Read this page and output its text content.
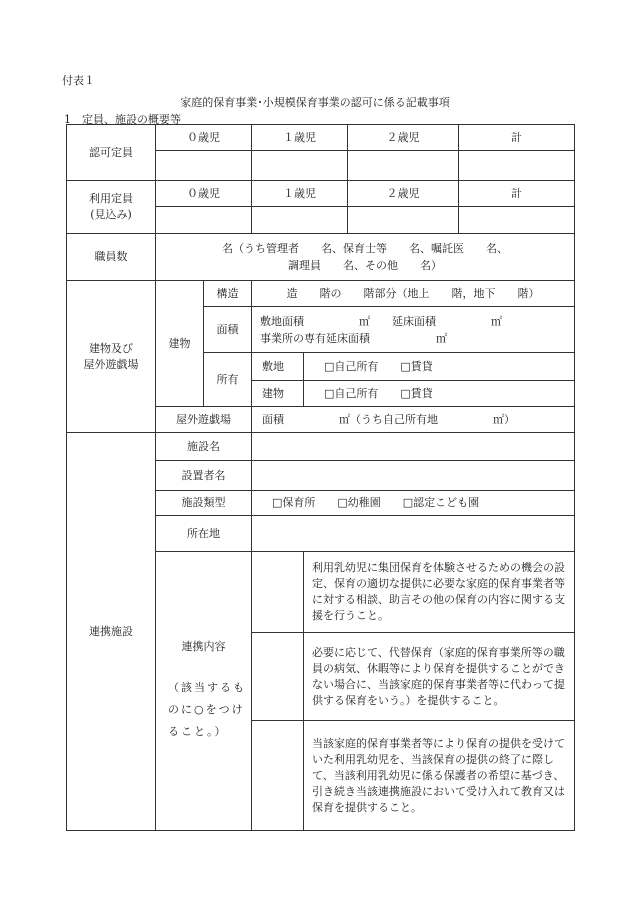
付表１
家庭的保育事業･小規模保育事業の認可に係る記載事項
1　定員、施設の概要等
認可定員	０歳児		１歳児		２歳児	計

利用定員
(見込み)	０歳児		１歳児		２歳児	計

職員数	名（うち管理者　　名、保育士等　　名、嘱託医　　名、
調理員　　名、その他　　名）					

建物及び
屋外遊戯場	建物	構造	造　　階の　　階部分（地上　　階，地下　　階）			
		面積	敷地面積　　　　　㎡　　延床面積　　　　　㎡
事業所の専有延床面積　　　　　　㎡			

		所有	敷地	□自己所有　　□賃貸		
			建物	□自己所有　　□賃貸		
	屋外遊戯場		面積　　　　　㎡（うち自己所有地　　　　　㎡）			
連携施設	施設名					
	設置者名					
	施設類型		□保育所　　□幼稚園　　□認定こども園			
	所在地					

	連携内容
（該当するものに○をつけること。）			利用乳幼児に集団保育を体験させるための機会の設定、保育の適切な提供に必要な家庭的保育事業者等に対する相談、助言その他の保育の内容に関する支援を行うこと。		
				必要に応じて、代替保育（家庭的保育事業所等の職員の病気、休暇等により保育を提供することができない場合に、当該家庭的保育事業者等に代わって提供する保育をいう。）を提供すること。		
				当該家庭的保育事業者等により保育の提供を受けていた利用乳幼児を、当該保育の提供の終了に際して、当該利用乳幼児に係る保護者の希望に基づき、引き続き当該連携施設において受け入れて教育又は保育を提供すること。		
